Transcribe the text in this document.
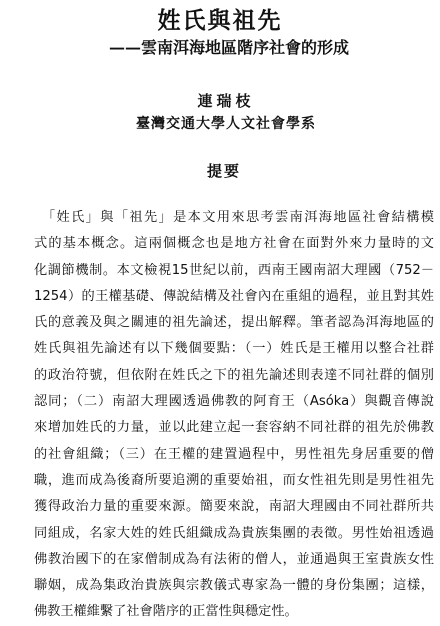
姓氏與祖先
——雲南洱海地區階序社會的形成
連瑞枝
臺灣交通大學人文社會學系
提要
　「姓氏」與「祖先」是本文用來思考雲南洱海地區社會結構模
式的基本概念。這兩個概念也是地方社會在面對外來力量時的文
化調節機制。本文檢視15世紀以前，西南王國南詔大理國（752－
1254）的王權基礎、傳說結構及社會內在重組的過程，並且對其姓
氏的意義及與之關連的祖先論述，提出解釋。筆者認為洱海地區的
姓氏與祖先論述有以下幾個要點：（一）姓氏是王權用以整合社群
的政治符號，但依附在姓氏之下的祖先論述則表達不同社群的個別
認同；（二）南詔大理國透過佛教的阿育王（Asóka）與觀音傳說
來增加姓氏的力量，並以此建立起一套容納不同社群的祖先於佛教
的社會組織；（三）在王權的建置過程中，男性祖先身居重要的僧
職，進而成為後裔所要追溯的重要始祖，而女性祖先則是男性祖先
獲得政治力量的重要來源。簡要來說，南詔大理國由不同社群所共
同組成，名家大姓的姓氏組織成為貴族集團的表徵。男性始祖透過
佛教治國下的在家僧制成為有法術的僧人，並通過與王室貴族女性
聯姻，成為集政治貴族與宗教儀式專家為一體的身份集團；這樣，
佛教王權維繫了社會階序的正當性與穩定性。
